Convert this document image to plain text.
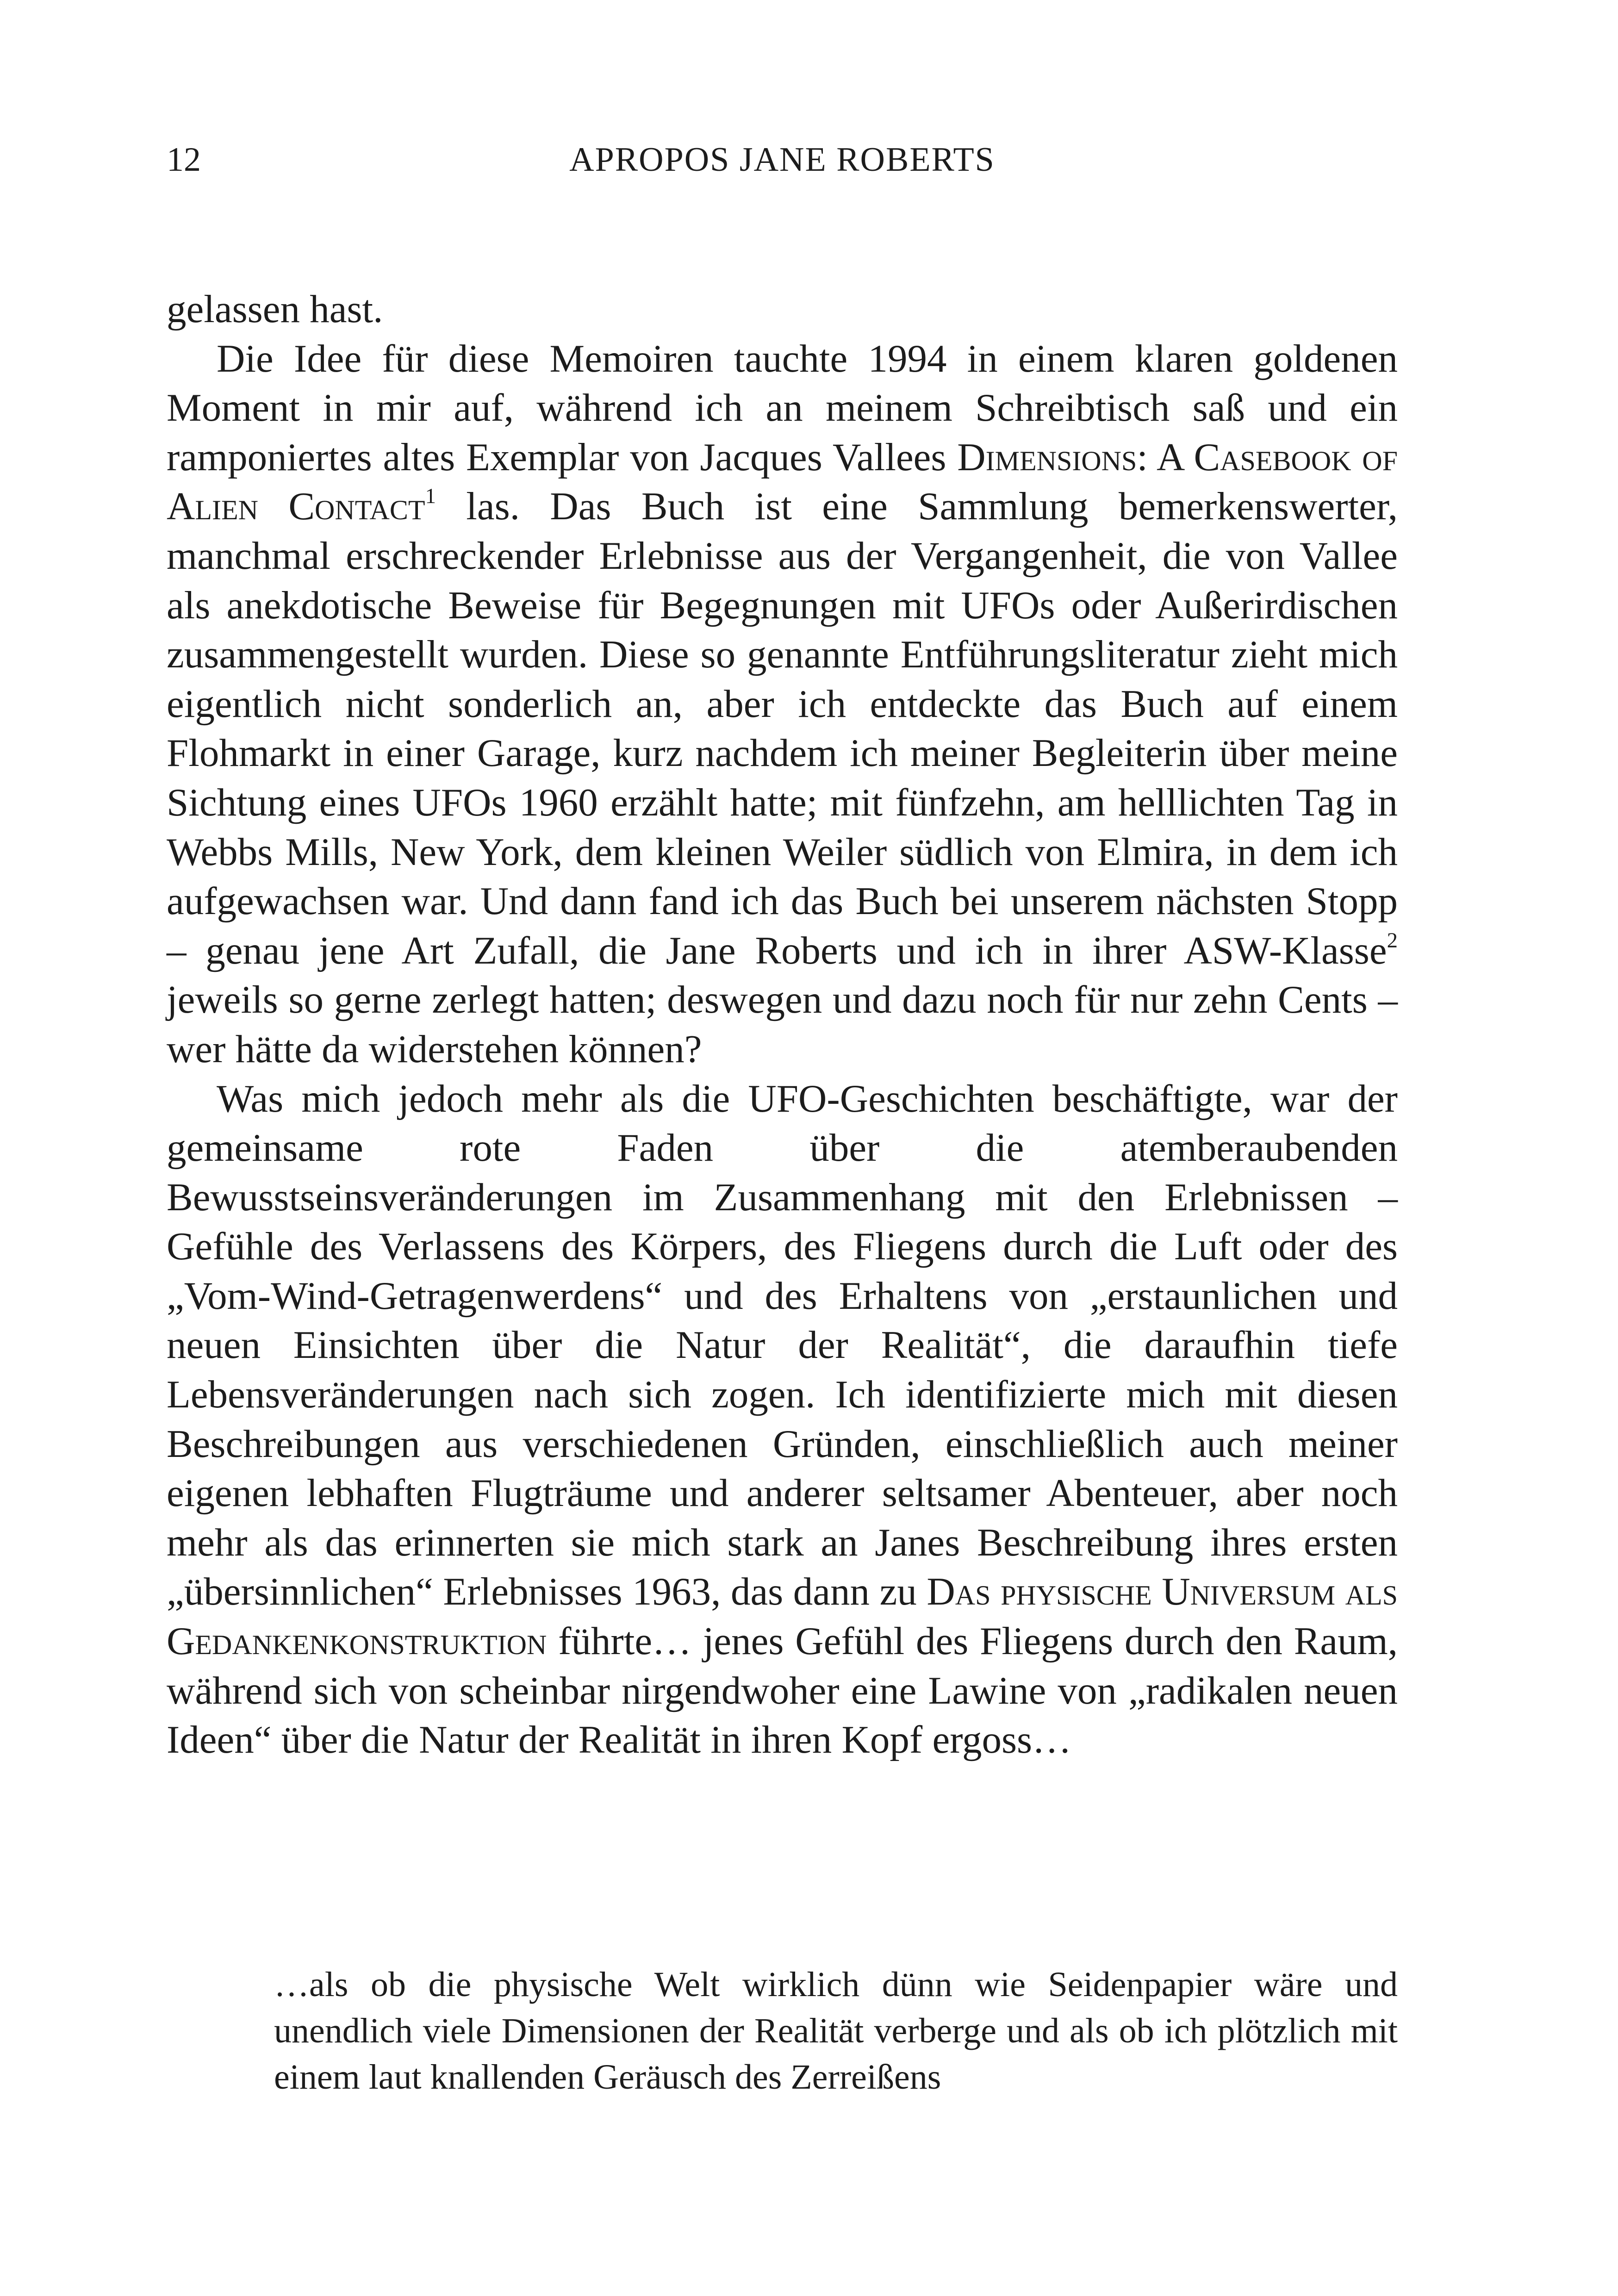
12	APROPOS JANE ROBERTS

gelassen hast.

Die Idee für diese Memoiren tauchte 1994 in einem klaren goldenen Moment in mir auf, während ich an meinem Schreibtisch saß und ein ramponiertes altes Exemplar von Jacques Vallees Dimensions: A Casebook of Alien Contact$^1$ las. Das Buch ist eine Sammlung bemerkenswerter, manchmal erschreckender Erlebnisse aus der Vergangenheit, die von Vallee als anekdotische Beweise für Begegnungen mit UFOs oder Außerirdischen zusammengestellt wurden. Diese so genannte Entführungsliteratur zieht mich eigentlich nicht sonderlich an, aber ich entdeckte das Buch auf einem Flohmarkt in einer Garage, kurz nachdem ich meiner Begleiterin über meine Sichtung eines UFOs 1960 erzählt hatte; mit fünfzehn, am helllichten Tag in Webbs Mills, New York, dem kleinen Weiler südlich von Elmira, in dem ich aufgewachsen war. Und dann fand ich das Buch bei unserem nächsten Stopp – genau jene Art Zufall, die Jane Roberts und ich in ihrer ASW-Klasse$^2$ jeweils so gerne zerlegt hatten; deswegen und dazu noch für nur zehn Cents – wer hätte da widerstehen können?

Was mich jedoch mehr als die UFO-Geschichten beschäftigte, war der gemeinsame rote Faden über die atemberaubenden Bewusstseinsveränderungen im Zusammenhang mit den Erlebnissen – Gefühle des Verlassens des Körpers, des Fliegens durch die Luft oder des „Vom-Wind-Getragenwerdens“ und des Erhaltens von „erstaunlichen und neuen Einsichten über die Natur der Realität“, die daraufhin tiefe Lebensveränderungen nach sich zogen. Ich identifizierte mich mit diesen Beschreibungen aus verschiedenen Gründen, einschließlich auch meiner eigenen lebhaften Flugträume und anderer seltsamer Abenteuer, aber noch mehr als das erinnerten sie mich stark an Janes Beschreibung ihres ersten „übersinnlichen“ Erlebnisses 1963, das dann zu Das physische Universum als Gedankenkonstruktion führte… jenes Gefühl des Fliegens durch den Raum, während sich von scheinbar nirgendwoher eine Lawine von „radikalen neuen Ideen“ über die Natur der Realität in ihren Kopf ergoss…

…als ob die physische Welt wirklich dünn wie Seidenpapier wäre und unendlich viele Dimensionen der Realität verberge und als ob ich plötzlich mit einem laut knallenden Geräusch des Zerreißens
